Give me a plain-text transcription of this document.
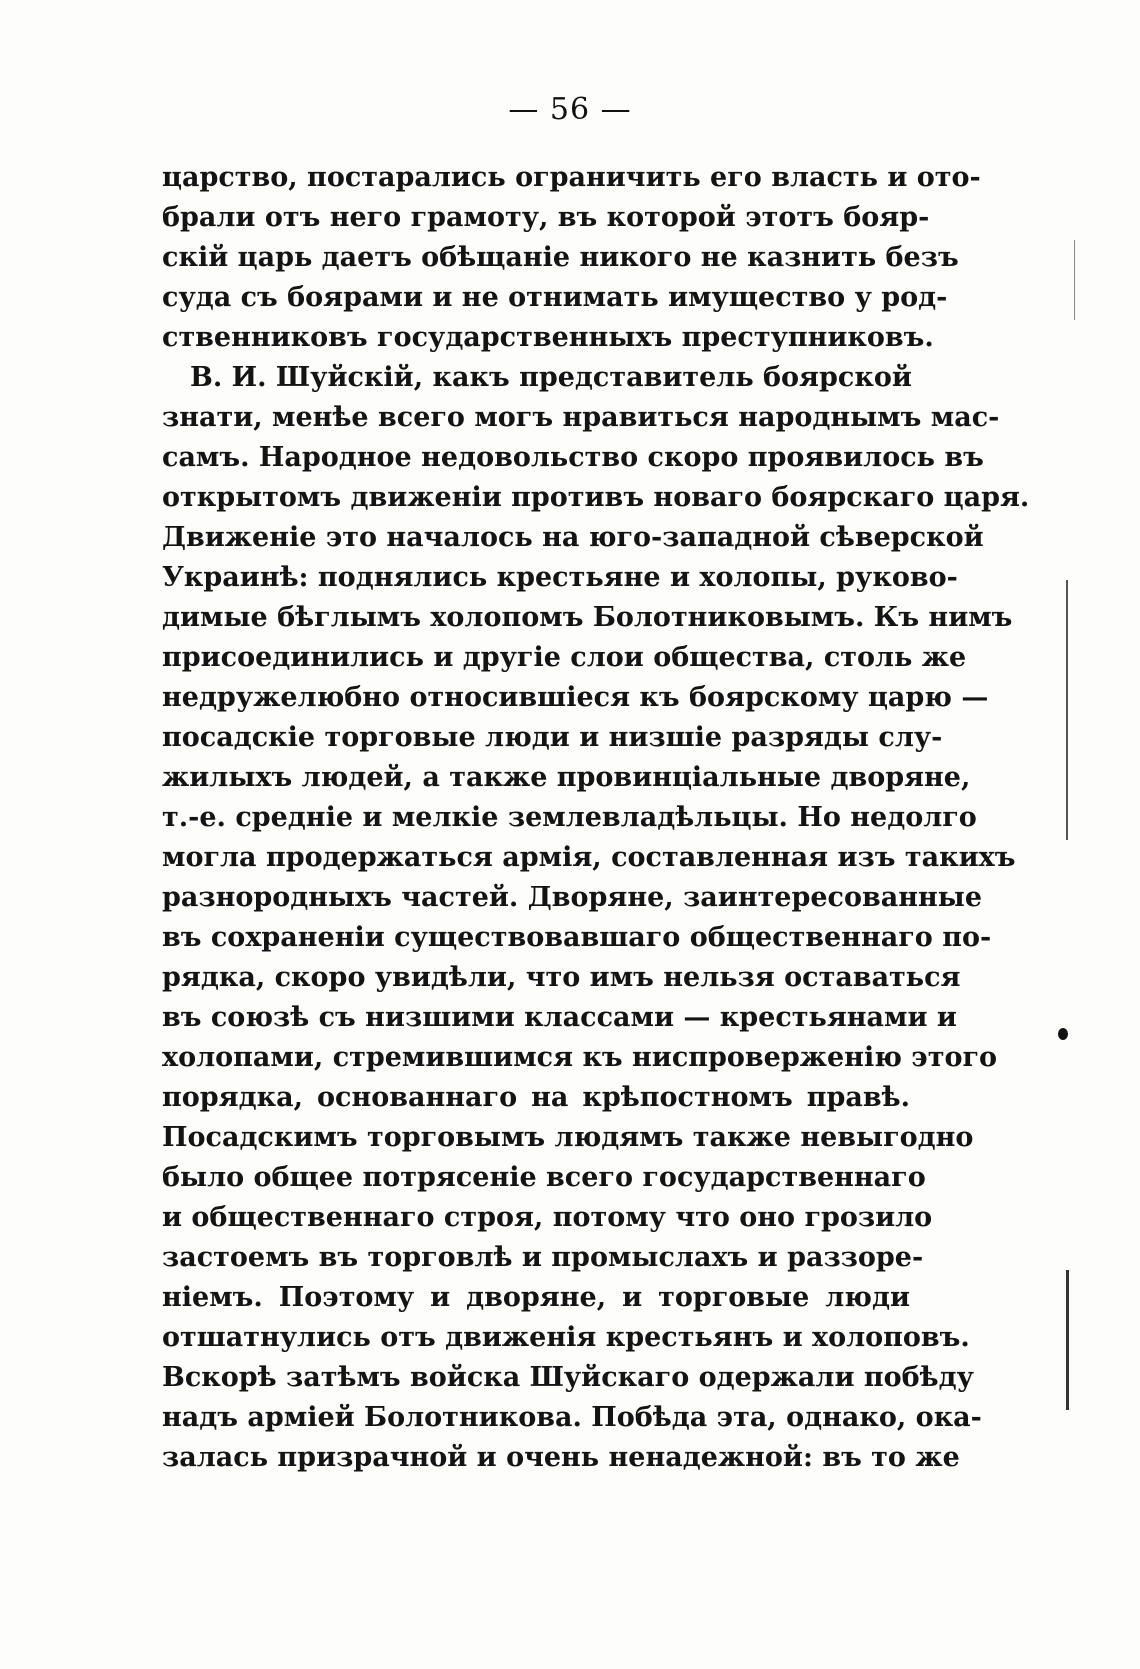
— 56 —
царство, постарались ограничить его власть и ото-
брали отъ него грамоту, въ которой этотъ бояр-
скій царь даетъ обѣщаніе никого не казнить безъ
суда съ боярами и не отнимать имущество у род-
ственниковъ государственныхъ преступниковъ.
В. И. Шуйскій, какъ представитель боярской
знати, менѣе всего могъ нравиться народнымъ мас-
самъ. Народное недовольство скоро проявилось въ
открытомъ движеніи противъ новаго боярскаго царя.
Движеніе это началось на юго-западной сѣверской
Украинѣ: поднялись крестьяне и холопы, руково-
димые бѣглымъ холопомъ Болотниковымъ. Къ нимъ
присоединились и другіе слои общества, столь же
недружелюбно относившіеся къ боярскому царю —
посадскіе торговые люди и низшіе разряды слу-
жилыхъ людей, а также провинціальные дворяне,
т.-е. средніе и мелкіе землевладѣльцы. Но недолго
могла продержаться армія, составленная изъ такихъ
разнородныхъ частей. Дворяне, заинтересованные
въ сохраненіи существовавшаго общественнаго по-
рядка, скоро увидѣли, что имъ нельзя оставаться
въ союзѣ съ низшими классами — крестьянами и
холопами, стремившимся къ ниспроверженію этого
порядка, основаннаго на крѣпостномъ правѣ.
Посадскимъ торговымъ людямъ также невыгодно
было общее потрясеніе всего государственнаго
и общественнаго строя, потому что оно грозило
застоемъ въ торговлѣ и промыслахъ и раззоре-
ніемъ. Поэтому и дворяне, и торговые люди
отшатнулись отъ движенія крестьянъ и холоповъ.
Вскорѣ затѣмъ войска Шуйскаго одержали побѣду
надъ арміей Болотникова. Побѣда эта, однако, ока-
залась призрачной и очень ненадежной: въ то же
